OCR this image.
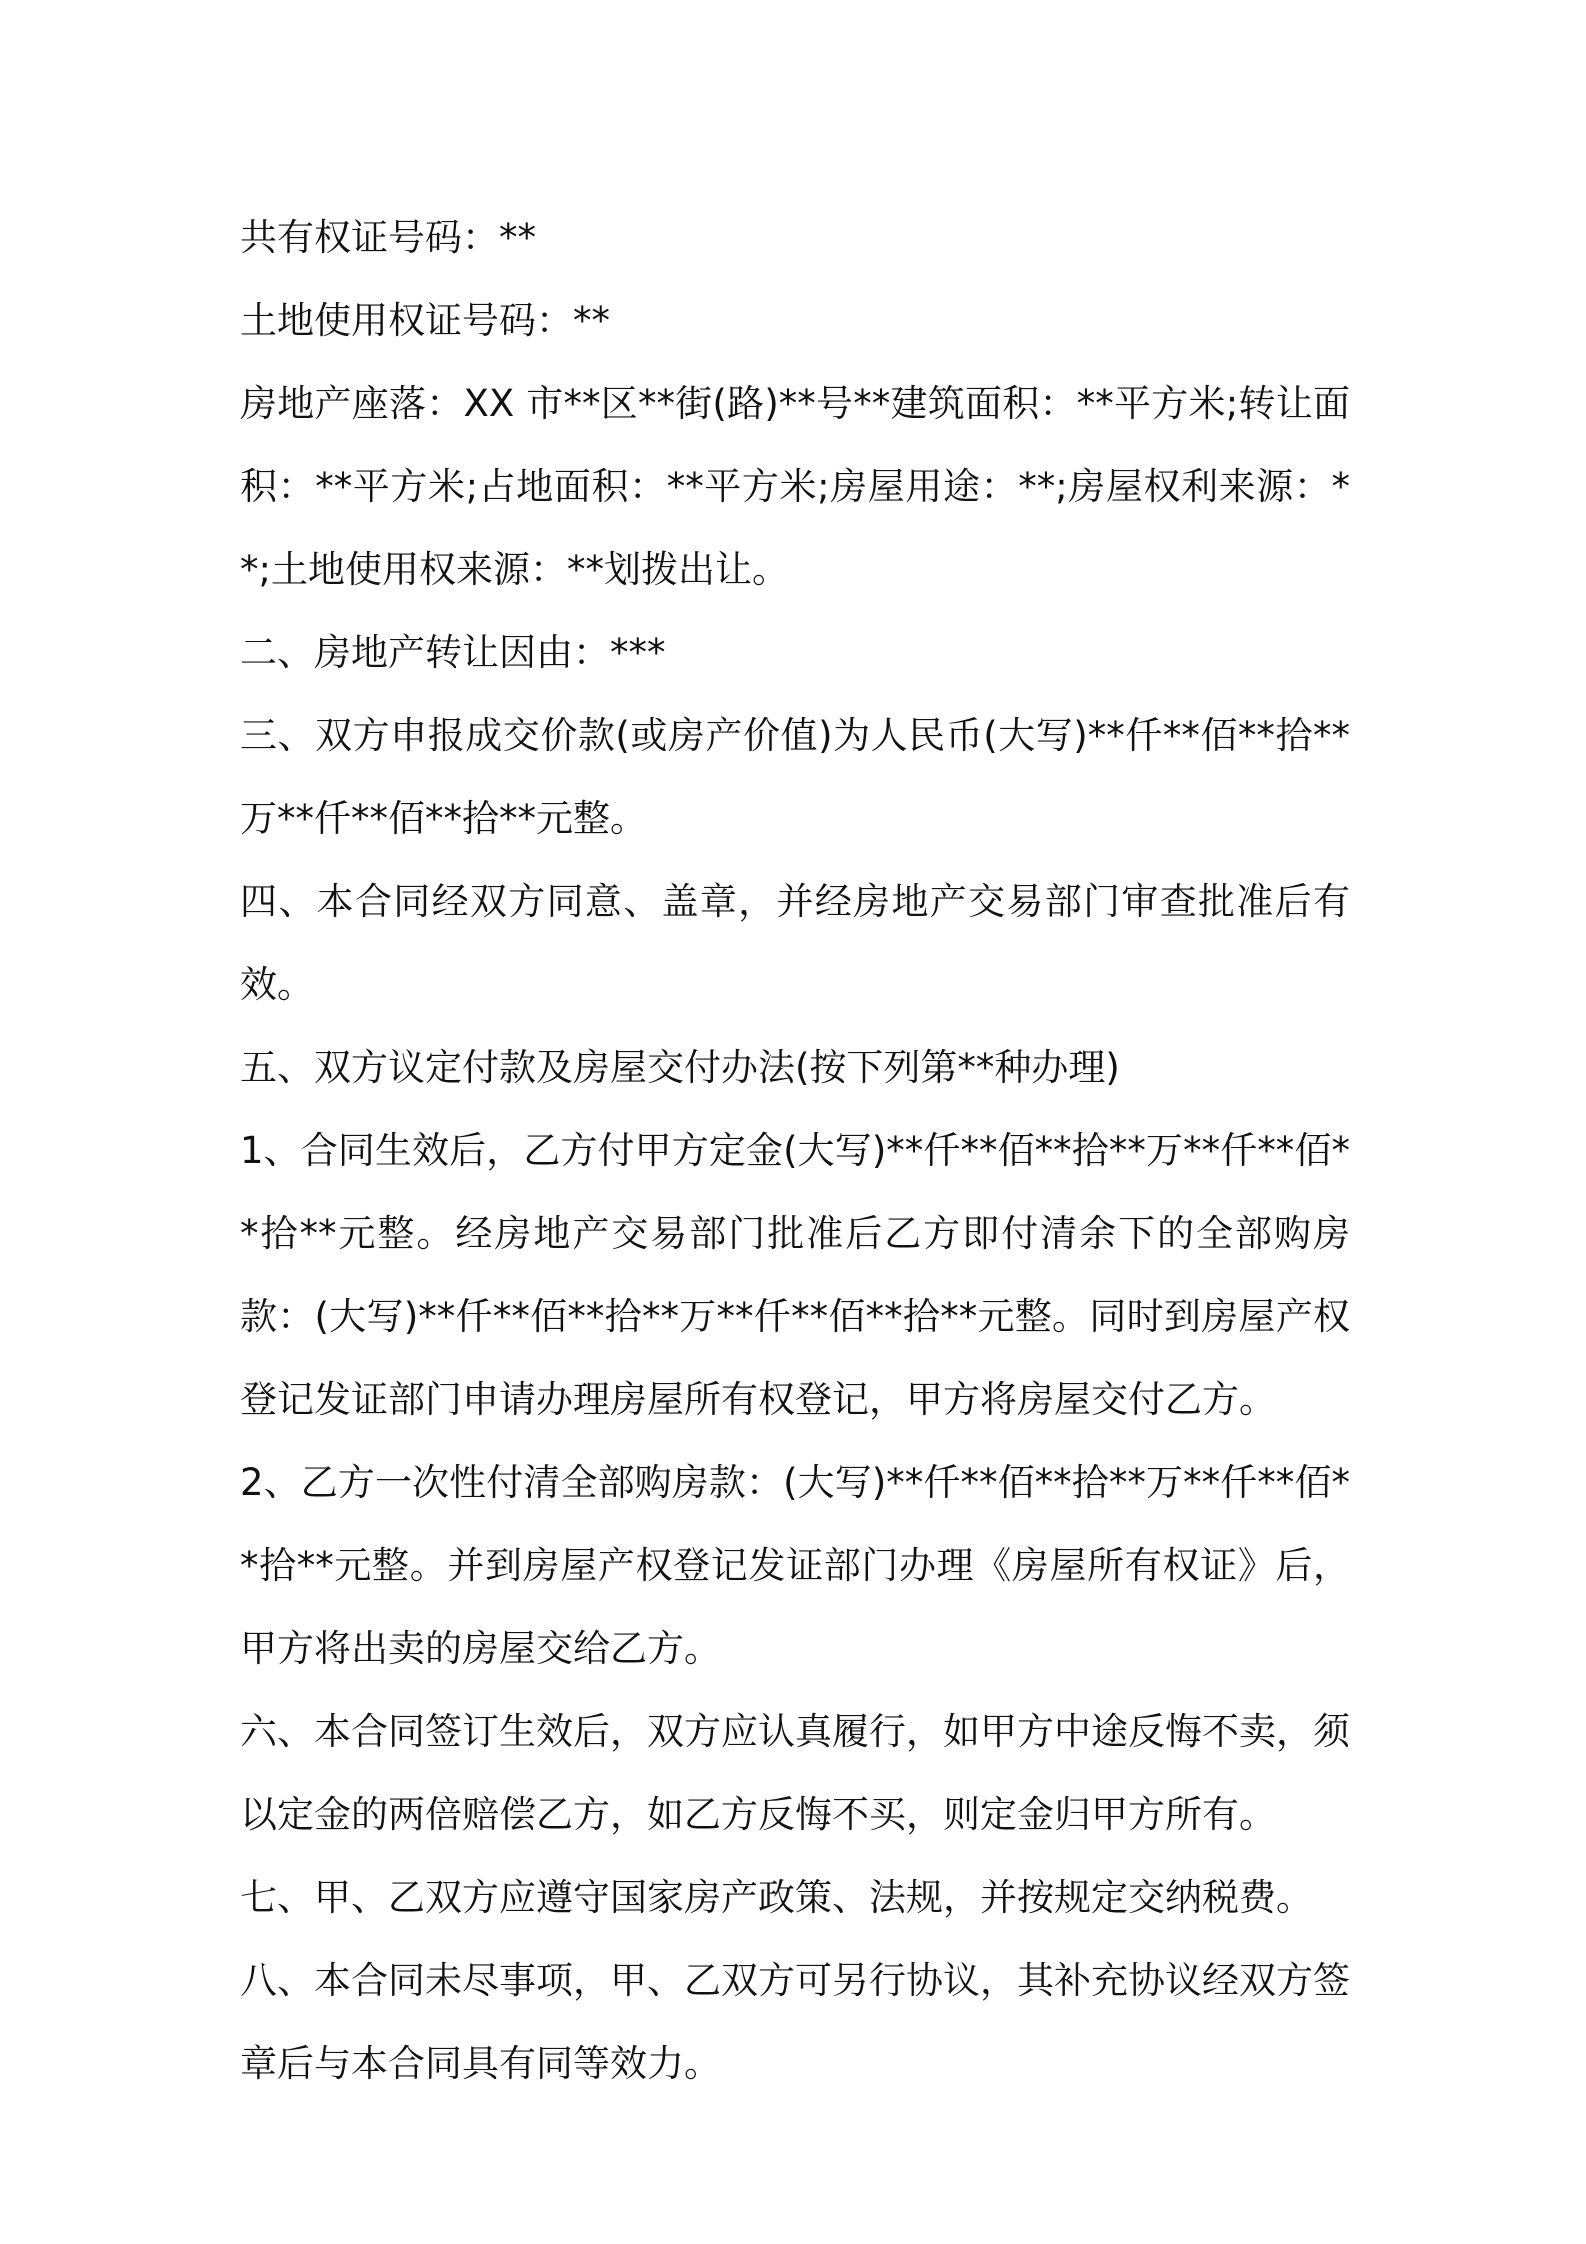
共有权证号码：**

土地使用权证号码：**

房地产座落：XX 市**区**街(路)**号**建筑面积：**平方米;转让面积：**平方米;占地面积：**平方米;房屋用途：**;房屋权利来源：**;土地使用权来源：**划拨出让。

二、房地产转让因由：***

三、双方申报成交价款(或房产价值)为人民币(大写)**仟**佰**拾**万**仟**佰**拾**元整。

四、本合同经双方同意、盖章，并经房地产交易部门审查批准后有效。

五、双方议定付款及房屋交付办法(按下列第**种办理)

1、合同生效后，乙方付甲方定金(大写)**仟**佰**拾**万**仟**佰**拾**元整。经房地产交易部门批准后乙方即付清余下的全部购房款：(大写)**仟**佰**拾**万**仟**佰**拾**元整。同时到房屋产权登记发证部门申请办理房屋所有权登记，甲方将房屋交付乙方。

2、乙方一次性付清全部购房款：(大写)**仟**佰**拾**万**仟**佰**拾**元整。并到房屋产权登记发证部门办理《房屋所有权证》后，甲方将出卖的房屋交给乙方。

六、本合同签订生效后，双方应认真履行，如甲方中途反悔不卖，须以定金的两倍赔偿乙方，如乙方反悔不买，则定金归甲方所有。

七、甲、乙双方应遵守国家房产政策、法规，并按规定交纳税费。

八、本合同未尽事项，甲、乙双方可另行协议，其补充协议经双方签章后与本合同具有同等效力。
